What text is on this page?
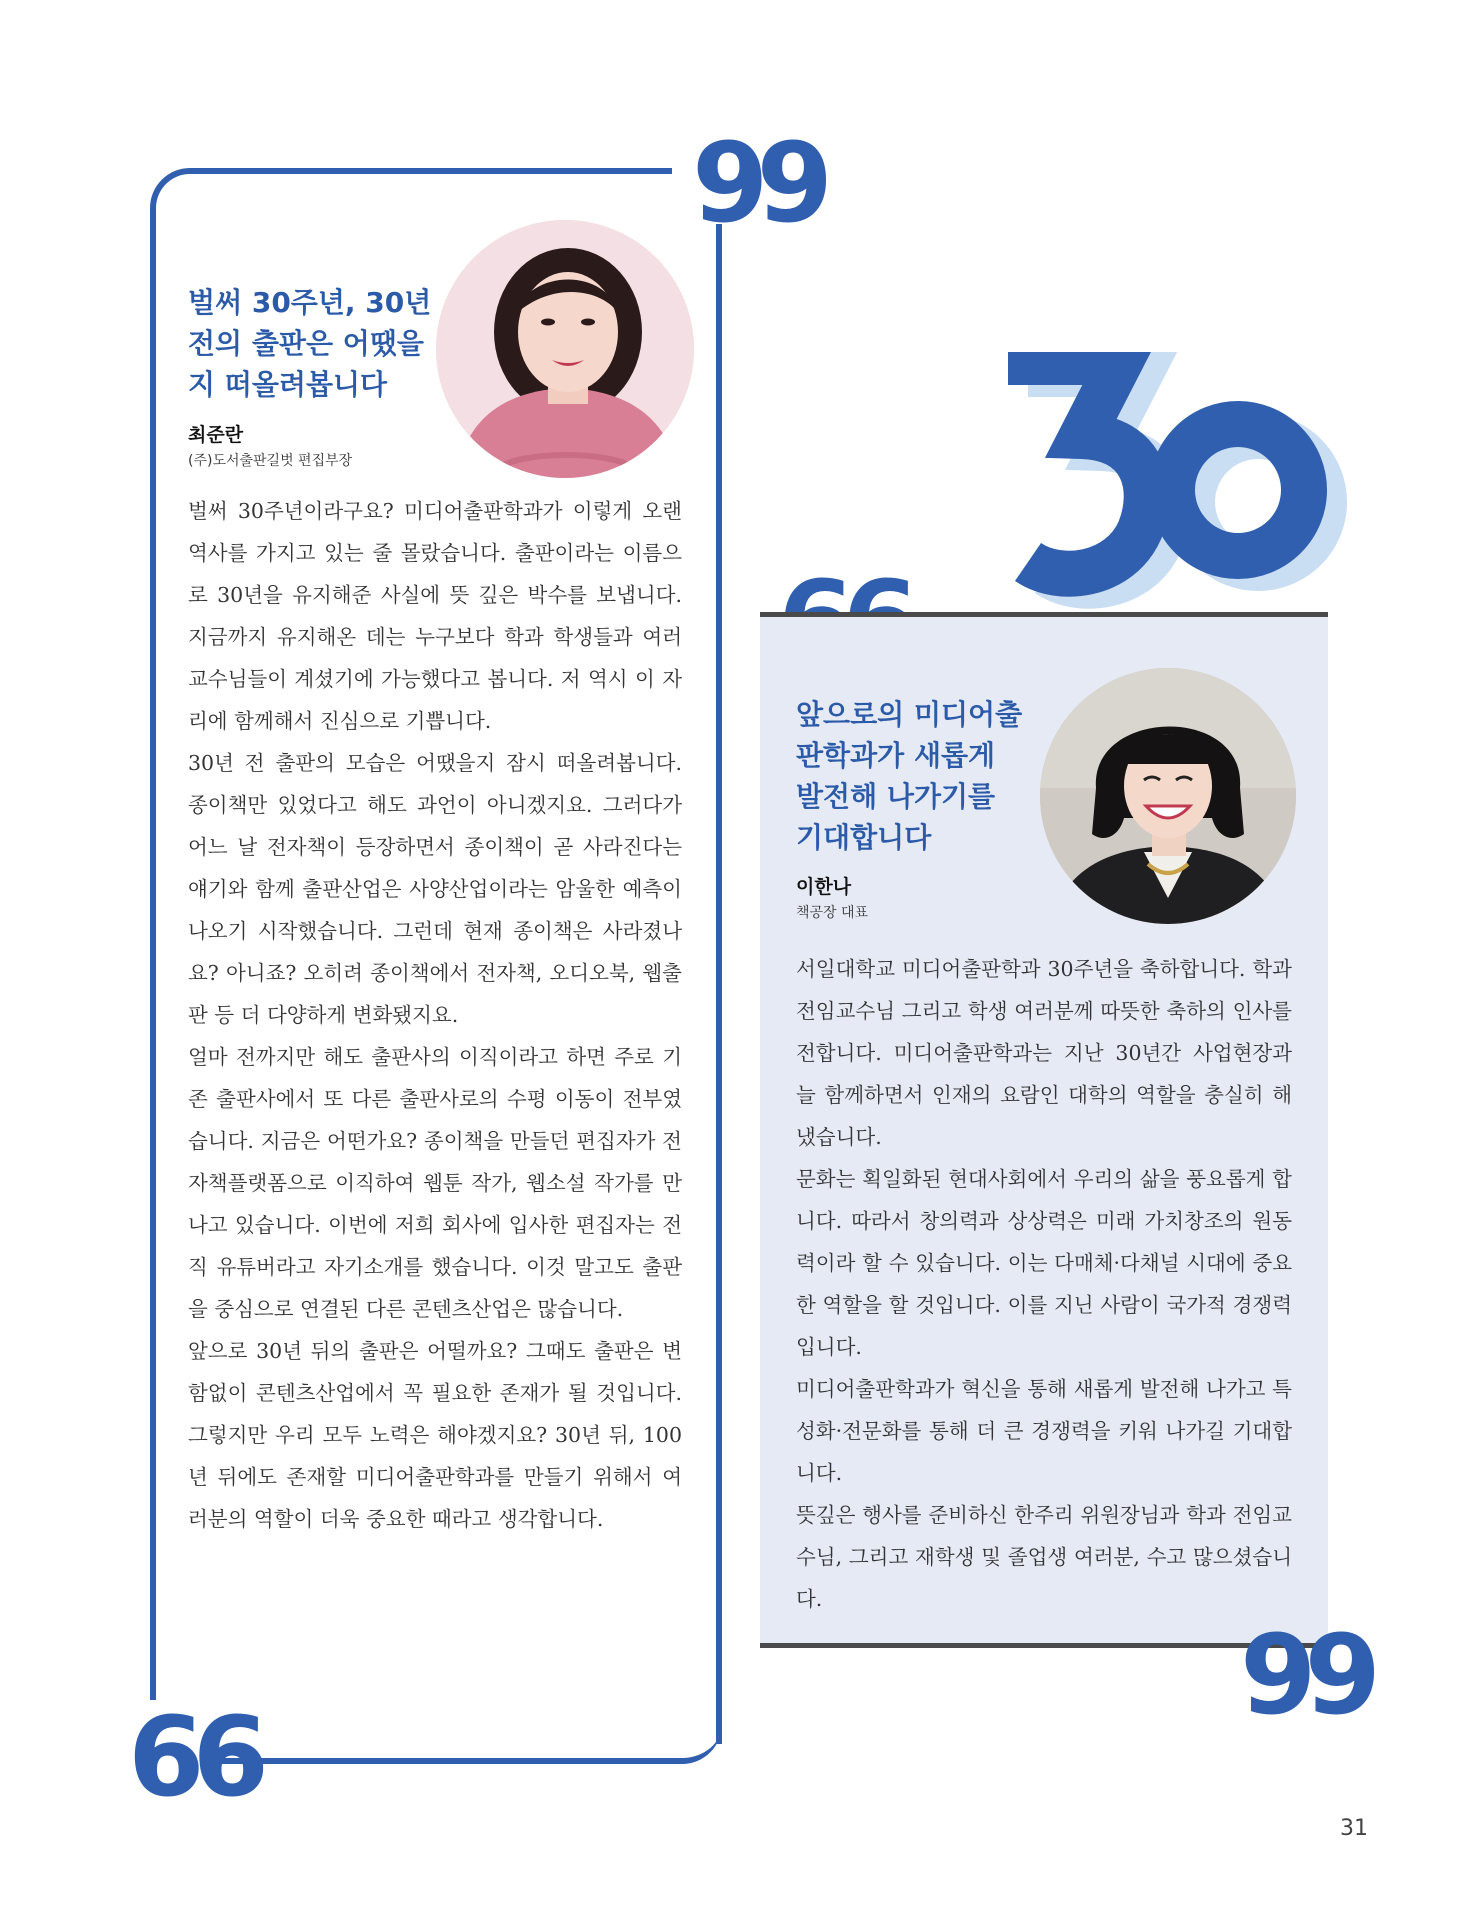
30
99
66
벌써 30주년, 30년
전의 출판은 어땠을
지 떠올려봅니다
최준란
(주)도서출판길벗 편집부장

벌써 30주년이라구요? 미디어출판학과가 이렇게 오랜 역사를 가지고 있는 줄 몰랐습니다. 출판이라는 이름으로 30년을 유지해준 사실에 뜻 깊은 박수를 보냅니다. 지금까지 유지해온 데는 누구보다 학과 학생들과 여러 교수님들이 계셨기에 가능했다고 봅니다. 저 역시 이 자리에 함께해서 진심으로 기쁩니다.

30년 전 출판의 모습은 어땠을지 잠시 떠올려봅니다. 종이책만 있었다고 해도 과언이 아니겠지요. 그러다가 어느 날 전자책이 등장하면서 종이책이 곧 사라진다는 얘기와 함께 출판산업은 사양산업이라는 암울한 예측이 나오기 시작했습니다. 그런데 현재 종이책은 사라졌나요? 아니죠? 오히려 종이책에서 전자책, 오디오북, 웹출판 등 더 다양하게 변화됐지요.

얼마 전까지만 해도 출판사의 이직이라고 하면 주로 기존 출판사에서 또 다른 출판사로의 수평 이동이 전부였습니다. 지금은 어떤가요? 종이책을 만들던 편집자가 전자책플랫폼으로 이직하여 웹툰 작가, 웹소설 작가를 만나고 있습니다. 이번에 저희 회사에 입사한 편집자는 전직 유튜버라고 자기소개를 했습니다. 이것 말고도 출판을 중심으로 연결된 다른 콘텐츠산업은 많습니다.

앞으로 30년 뒤의 출판은 어떨까요? 그때도 출판은 변함없이 콘텐츠산업에서 꼭 필요한 존재가 될 것입니다. 그렇지만 우리 모두 노력은 해야겠지요? 30년 뒤, 100년 뒤에도 존재할 미디어출판학과를 만들기 위해서 여러분의 역할이 더욱 중요한 때라고 생각합니다.

99
앞으로의 미디어출
판학과가 새롭게
발전해 나가기를
기대합니다
이한나
책공장 대표

서일대학교 미디어출판학과 30주년을 축하합니다. 학과 전임교수님 그리고 학생 여러분께 따뜻한 축하의 인사를 전합니다. 미디어출판학과는 지난 30년간 사업현장과 늘 함께하면서 인재의 요람인 대학의 역할을 충실히 해냈습니다.

문화는 획일화된 현대사회에서 우리의 삶을 풍요롭게 합니다. 따라서 창의력과 상상력은 미래 가치창조의 원동력이라 할 수 있습니다. 이는 다매체·다채널 시대에 중요한 역할을 할 것입니다. 이를 지닌 사람이 국가적 경쟁력입니다.

미디어출판학과가 혁신을 통해 새롭게 발전해 나가고 특성화·전문화를 통해 더 큰 경쟁력을 키워 나가길 기대합니다.

뜻깊은 행사를 준비하신 한주리 위원장님과 학과 전임교수님, 그리고 재학생 및 졸업생 여러분, 수고 많으셨습니다.

31
